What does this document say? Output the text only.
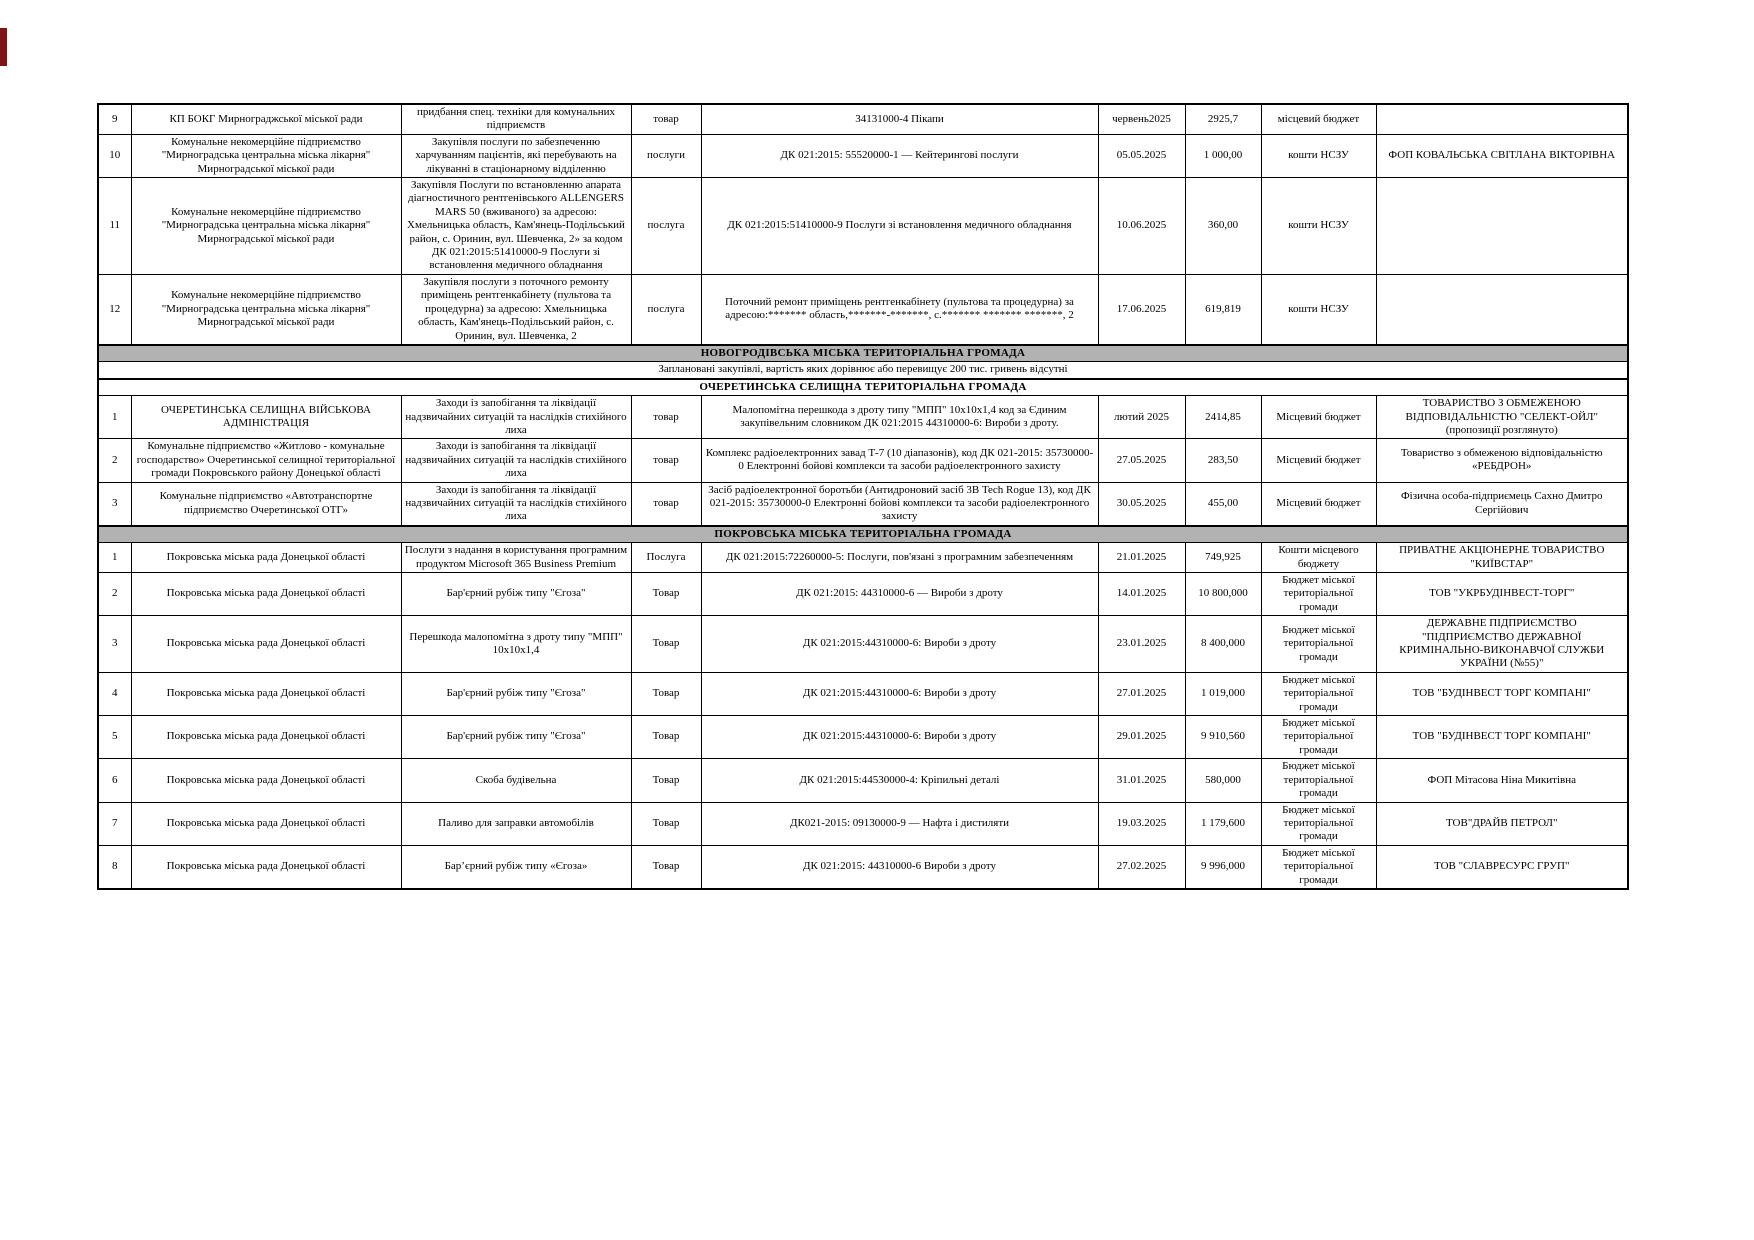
9	КП БОКГ Мирнограджської міської ради	придбання спец. техніки для комунальних підприємств	товар	34131000-4 Пікапи	червень2025	2925,7	місцевий бюджет	
10	Комунальне некомерційне підприємство "Мирноградська центральна міська лікарня" Мирноградської міської ради	Закупівля послуги по забезпеченню харчуванням пацієнтів, які перебувають на лікуванні в стаціонарному відділенню	послуги	ДК 021:2015: 55520000-1 — Кейтерингові послуги	05.05.2025	1 000,00	кошти НСЗУ	ФОП КОВАЛЬСЬКА СВІТЛАНА ВІКТОРІВНА
11	Комунальне некомерційне підприємство "Мирноградська центральна міська лікарня" Мирноградської міської ради	Закупівля Послуги по встановленню апарата діагностичного рентгенівського ALLENGERS MARS 50 (вживаного) за адресою: Хмельницька область, Кам'янець-Подільський район, с. Оринин, вул. Шевченка, 2» за кодом ДК 021:2015:51410000-9 Послуги зі встановлення медичного обладнання	послуга	ДК 021:2015:51410000-9 Послуги зі встановлення медичного обладнання	10.06.2025	360,00	кошти НСЗУ	
12	Комунальне некомерційне підприємство "Мирноградська центральна міська лікарня" Мирноградської міської ради	Закупівля послуги з поточного ремонту приміщень рентгенкабінету (пультова та процедурна) за адресою: Хмельницька область, Кам'янець-Подільський район, с. Оринин, вул. Шевченка, 2	послуга	Поточний ремонт приміщень рентгенкабінету (пультова та процедурна) за адресою:******* область,*******-*******, с.******* ******* *******, 2	17.06.2025	619,819	кошти НСЗУ	
НОВОГРОДІВСЬКА МІСЬКА ТЕРИТОРІАЛЬНА ГРОМАДА								
Заплановані закупівлі, вартість яких дорівнює або перевищує 200 тис. гривень відсутні								
ОЧЕРЕТИНСЬКА СЕЛИЩНА ТЕРИТОРІАЛЬНА ГРОМАДА								
1	ОЧЕРЕТИНСЬКА СЕЛИЩНА ВІЙСЬКОВА АДМІНІСТРАЦІЯ	Заходи із запобігання та ліквідації надзвичайних ситуацій та наслідків стихійного лиха	товар	Малопомітна перешкода з дроту типу "МПП" 10х10х1,4 код за Єдиним закупівельним словником ДК 021:2015 44310000-6: Вироби з дроту.	лютий 2025	2414,85	Місцевий бюджет	ТОВАРИСТВО З ОБМЕЖЕНОЮ ВІДПОВІДАЛЬНІСТЮ "СЕЛЕКТ-ОЙЛ" (пропозиції розглянуто)
2	Комунальне підприємство «Житлово - комунальне господарство» Очеретинської селищної територіальної громади Покровського району Донецької області	Заходи із запобігання та ліквідації надзвичайних ситуацій та наслідків стихійного лиха	товар	Комплекс радіоелектронних завад Т-7 (10 діапазонів), код ДК 021-2015: 35730000-0 Електронні бойові комплекси та засоби радіоелектронного захисту	27.05.2025	283,50	Місцевий бюджет	Товариство з обмеженою відповідальністю «РЕБДРОН»
3	Комунальне підприємство «Автотранспортне підприємство Очеретинської ОТГ»	Заходи із запобігання та ліквідації надзвичайних ситуацій та наслідків стихійного лиха	товар	Засіб радіоелектронної боротьби (Антидроновий засіб 3В Tech Rogue 13), код ДК 021-2015: 35730000-0 Електронні бойові комплекси та засоби радіоелектронного захисту	30.05.2025	455,00	Місцевий бюджет	Фізична особа-підприємець Сахно Дмитро Сергійович
ПОКРОВСЬКА МІСЬКА ТЕРИТОРІАЛЬНА ГРОМАДА								
1	Покровська міська рада Донецької області	Послуги з надання в користування програмним продуктом Microsoft 365 Business Premium	Послуга	ДК 021:2015:72260000-5: Послуги, пов'язані з програмним забезпеченням	21.01.2025	749,925	Кошти місцевого бюджету	ПРИВАТНЕ АКЦІОНЕРНЕ ТОВАРИСТВО "КИЇВСТАР"
2	Покровська міська рада Донецької області	Бар'єрний рубіж типу "Єгоза"	Товар	ДК 021:2015: 44310000-6 — Вироби з дроту	14.01.2025	10 800,000	Бюджет міської територіальної громади	ТОВ "УКРБУДІНВЕСТ-ТОРГ"
3	Покровська міська рада Донецької області	Перешкода малопомітна з дроту типу "МПП" 10х10х1,4	Товар	ДК 021:2015:44310000-6: Вироби з дроту	23.01.2025	8 400,000	Бюджет міської територіальної громади	ДЕРЖАВНЕ ПІДПРИЄМСТВО "ПІДПРИЄМСТВО ДЕРЖАВНОЇ КРИМІНАЛЬНО-ВИКОНАВЧОЇ СЛУЖБИ УКРАЇНИ (№55)"
4	Покровська міська рада Донецької області	Бар'єрний рубіж типу "Єгоза"	Товар	ДК 021:2015:44310000-6: Вироби з дроту	27.01.2025	1 019,000	Бюджет міської територіальної громади	ТОВ "БУДІНВЕСТ ТОРГ КОМПАНІ"
5	Покровська міська рада Донецької області	Бар'єрний рубіж типу "Єгоза"	Товар	ДК 021:2015:44310000-6: Вироби з дроту	29.01.2025	9 910,560	Бюджет міської територіальної громади	ТОВ "БУДІНВЕСТ ТОРГ КОМПАНІ"
6	Покровська міська рада Донецької області	Скоба будівельна	Товар	ДК 021:2015:44530000-4: Кріпильні деталі	31.01.2025	580,000	Бюджет міської територіальної громади	ФОП Мітасова Ніна Микитівна
7	Покровська міська рада Донецької області	Паливо для заправки автомобілів	Товар	ДК021-2015: 09130000-9 — Нафта і дистиляти	19.03.2025	1 179,600	Бюджет міської територіальної громади	ТОВ"ДРАЙВ ПЕТРОЛ"
8	Покровська міська рада Донецької області	Бар’єрний рубіж типу «Єгоза»	Товар	ДК 021:2015: 44310000-6 Вироби з дроту	27.02.2025	9 996,000	Бюджет міської територіальної громади	ТОВ "СЛАВРЕСУРС ГРУП"
